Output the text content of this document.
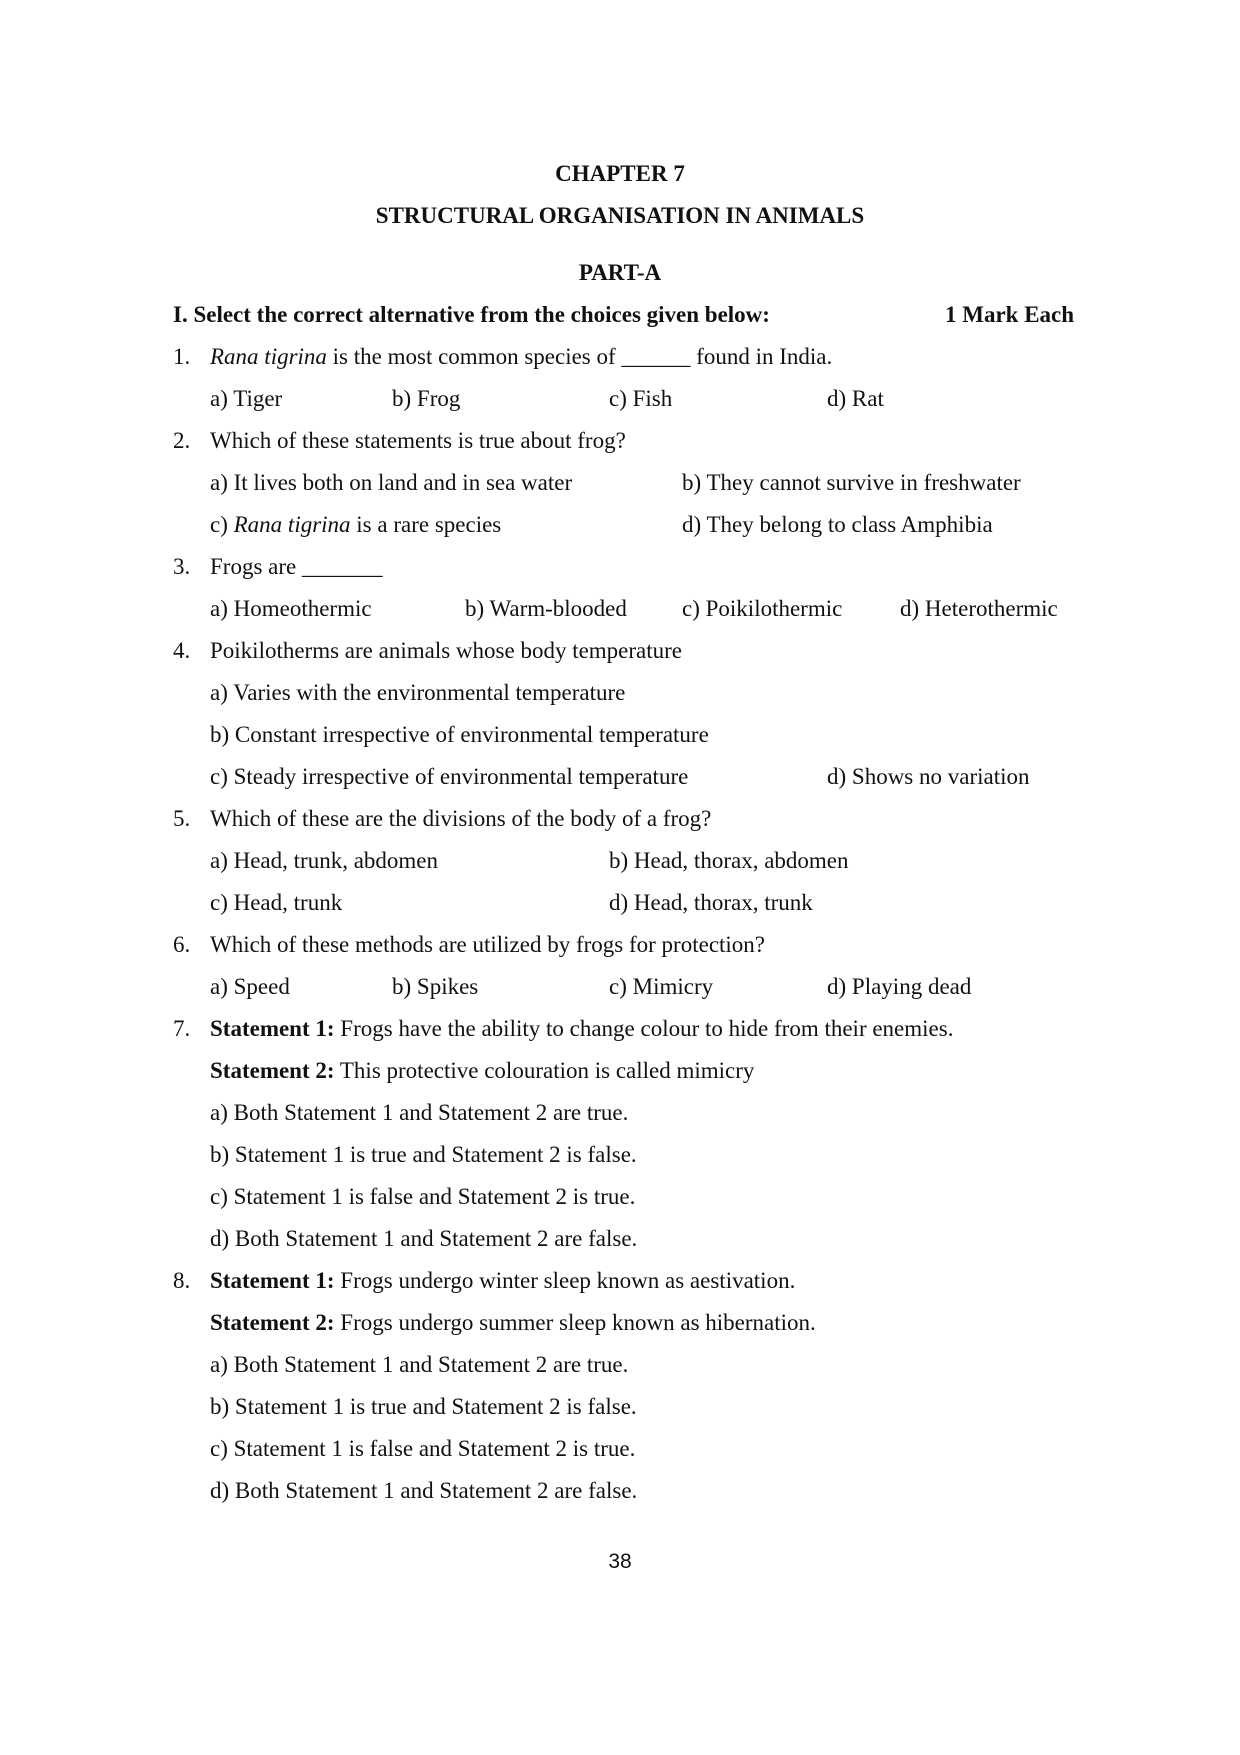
CHAPTER 7
STRUCTURAL ORGANISATION IN ANIMALS
PART-A
I. Select the correct alternative from the choices given below:	1 Mark Each
1. Rana tigrina is the most common species of ______ found in India.
a) Tiger	b) Frog	c) Fish	d) Rat
2. Which of these statements is true about frog?
a) It lives both on land and in sea water	b) They cannot survive in freshwater
c) Rana tigrina is a rare species	d) They belong to class Amphibia
3. Frogs are _______
a) Homeothermic	b) Warm-blooded c) Poikilothermic	d) Heterothermic
4. Poikilotherms are animals whose body temperature
a) Varies with the environmental temperature
b) Constant irrespective of environmental temperature
c) Steady irrespective of environmental temperature	d) Shows no variation
5. Which of these are the divisions of the body of a frog?
a) Head, trunk, abdomen	b) Head, thorax, abdomen
c) Head, trunk	d) Head, thorax, trunk
6. Which of these methods are utilized by frogs for protection?
a) Speed	b) Spikes	c) Mimicry	d) Playing dead
7. Statement 1: Frogs have the ability to change colour to hide from their enemies.
Statement 2: This protective colouration is called mimicry
a) Both Statement 1 and Statement 2 are true.
b) Statement 1 is true and Statement 2 is false.
c) Statement 1 is false and Statement 2 is true.
d) Both Statement 1 and Statement 2 are false.
8. Statement 1: Frogs undergo winter sleep known as aestivation.
Statement 2: Frogs undergo summer sleep known as hibernation.
a) Both Statement 1 and Statement 2 are true.
b) Statement 1 is true and Statement 2 is false.
c) Statement 1 is false and Statement 2 is true.
d) Both Statement 1 and Statement 2 are false.
38
